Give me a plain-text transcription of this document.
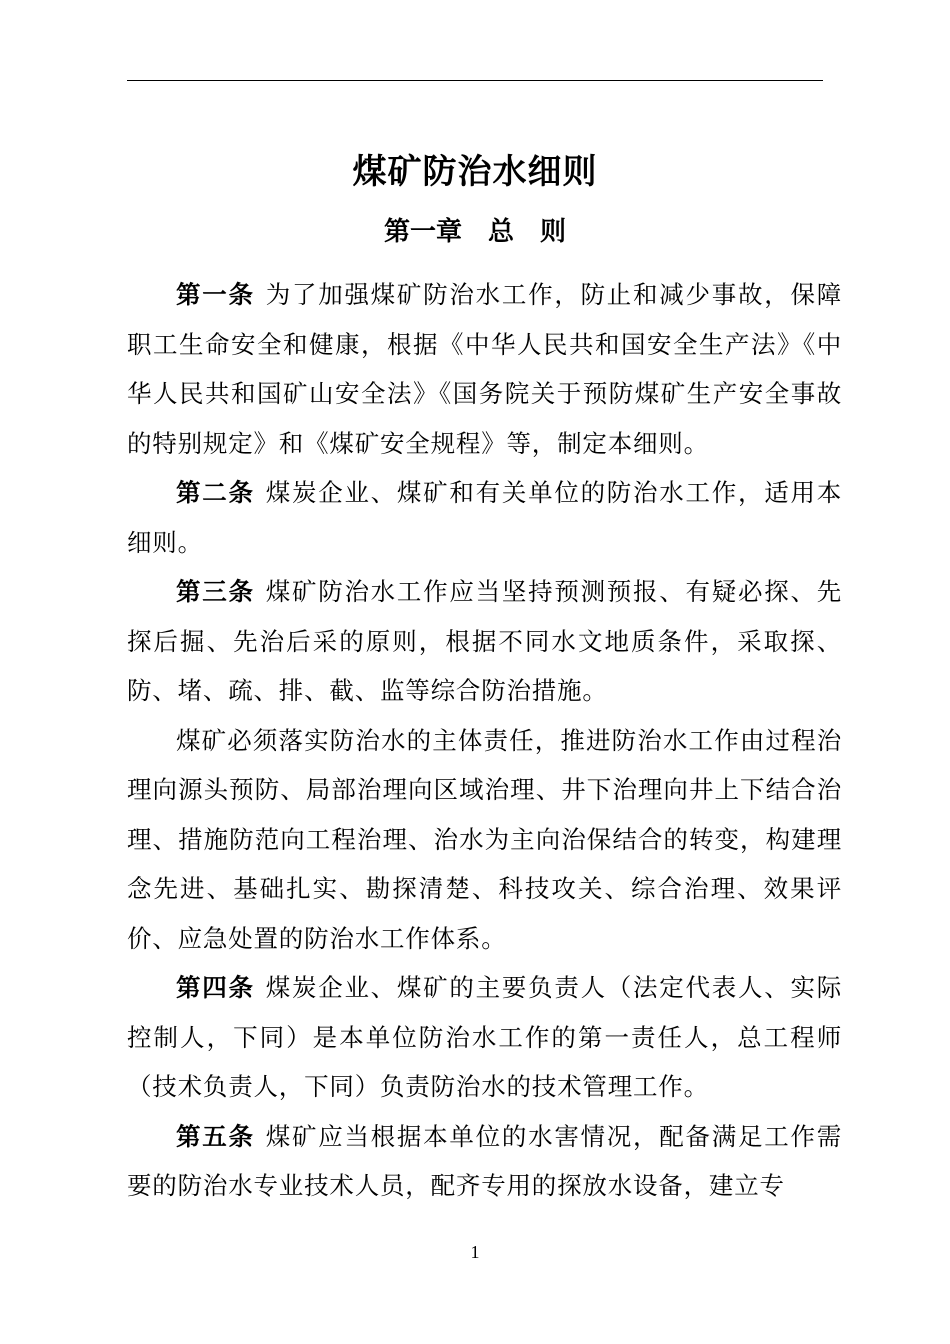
煤矿防治水细则
第一章　总　则

第一条 为了加强煤矿防治水工作，防止和减少事故，保障职工生命安全和健康，根据《中华人民共和国安全生产法》《中华人民共和国矿山安全法》《国务院关于预防煤矿生产安全事故的特别规定》和《煤矿安全规程》等，制定本细则。

第二条 煤炭企业、煤矿和有关单位的防治水工作，适用本细则。

第三条 煤矿防治水工作应当坚持预测预报、有疑必探、先探后掘、先治后采的原则，根据不同水文地质条件，采取探、防、堵、疏、排、截、监等综合防治措施。

煤矿必须落实防治水的主体责任，推进防治水工作由过程治理向源头预防、局部治理向区域治理、井下治理向井上下结合治理、措施防范向工程治理、治水为主向治保结合的转变，构建理念先进、基础扎实、勘探清楚、科技攻关、综合治理、效果评价、应急处置的防治水工作体系。

第四条 煤炭企业、煤矿的主要负责人（法定代表人、实际控制人，下同）是本单位防治水工作的第一责任人，总工程师（技术负责人，下同）负责防治水的技术管理工作。

第五条 煤矿应当根据本单位的水害情况，配备满足工作需要的防治水专业技术人员，配齐专用的探放水设备，建立专

1
